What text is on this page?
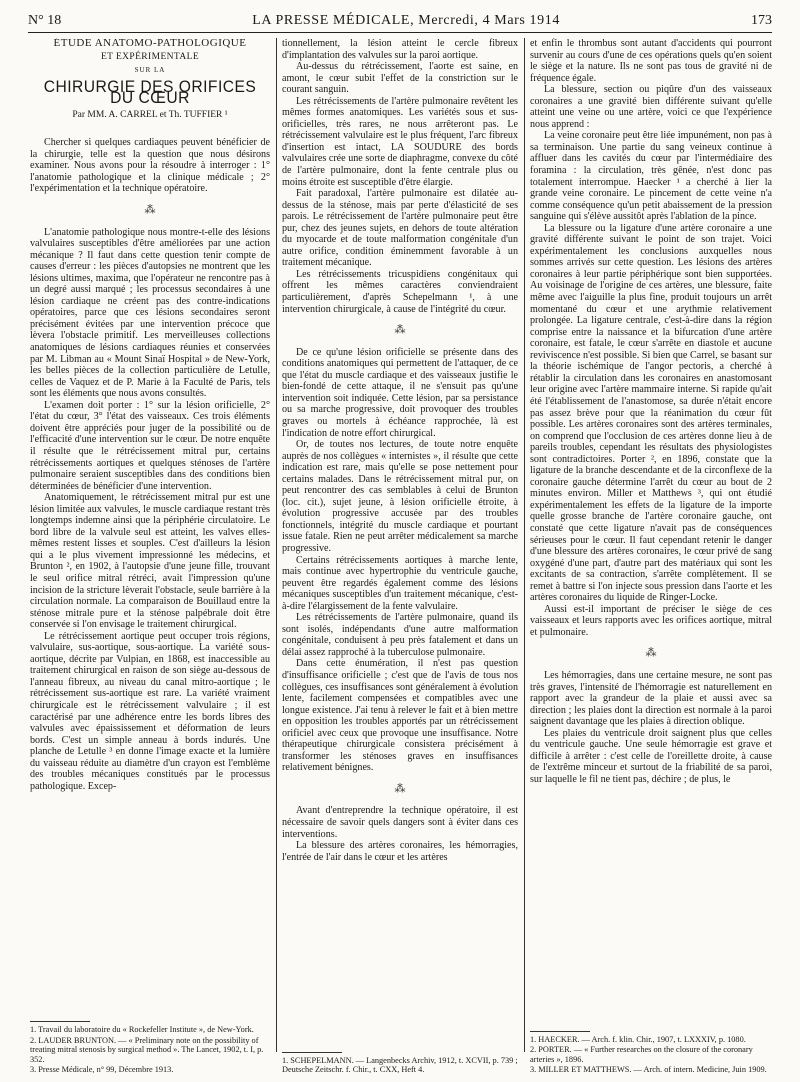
N° 18	LA PRESSE MÉDICALE, Mercredi, 4 Mars 1914	173
ÉTUDE ANATOMO-PATHOLOGIQUE
ET EXPÉRIMENTALE
SUR LA
CHIRURGIE DES ORIFICES DU CŒUR
Par MM. A. CARREL et Th. TUFFIER ¹

Chercher si quelques cardiaques peuvent bénéficier de la chirurgie, telle est la question que nous désirons examiner. Nous avons pour la résoudre à interroger : 1° l'anatomie pathologique et la clinique médicale ; 2° l'expérimentation et la technique opératoire.

⁂

L'anatomie pathologique nous montre-t-elle des lésions valvulaires susceptibles d'être améliorées par une action mécanique ? Il faut dans cette question tenir compte de causes d'erreur : les pièces d'autopsies ne montrent que les lésions ultimes, maxima, que l'opérateur ne rencontre pas à un degré aussi marqué ; les processus secondaires à une lésion cardiaque ne créent pas des contre-indications opératoires, parce que ces lésions secondaires seront précisément évitées par une intervention précoce que lèvera l'obstacle primitif. Les merveilleuses collections anatomiques de lésions cardiaques réunies et conservées par M. Libman au « Mount Sinaï Hospital » de New-York, les belles pièces de la collection particulière de Letulle, celles de Vaquez et de P. Marie à la Faculté de Paris, tels sont les éléments que nous avons consultés.

L'examen doit porter : 1° sur la lésion orificielle, 2° l'état du cœur, 3° l'état des vaisseaux. Ces trois éléments doivent être appréciés pour juger de la possibilité ou de l'efficacité d'une intervention sur le cœur. De notre enquête il résulte que le rétrécissement mitral pur, certains rétrécissements aortiques et quelques sténoses de l'artère pulmonaire seraient susceptibles dans des conditions bien déterminées de bénéficier d'une intervention.

Anatomiquement, le rétrécissement mitral pur est une lésion limitée aux valvules, le muscle cardiaque restant très longtemps indemne ainsi que la périphérie circulatoire. Le bord libre de la valvule seul est atteint, les valves elles-mêmes restent lisses et souples. C'est d'ailleurs la lésion qui a le plus vivement impressionné les médecins, et Brunton ², en 1902, à l'autopsie d'une jeune fille, trouvant le seul orifice mitral rétréci, avait l'impression qu'une incision de la stricture lèverait l'obstacle, seule barrière à la circulation normale. La comparaison de Bouillaud entre la sténose mitrale pure et la sténose palpébrale doit être conservée si l'on envisage le traitement chirurgical.

Le rétrécissement aortique peut occuper trois régions, valvulaire, sus-aortique, sous-aortique. La variété sous-aortique, décrite par Vulpian, en 1868, est inaccessible au traitement chirurgical en raison de son siège au-dessous de l'anneau fibreux, au niveau du canal mitro-aortique ; le rétrécissement sus-aortique est rare. La variété vraiment chirurgicale est le rétrécissement valvulaire ; il est caractérisé par une adhérence entre les bords libres des valvules avec épaississement et déformation de leurs bords. C'est un simple anneau à bords indurés. Une planche de Letulle ³ en donne l'image exacte et la lumière du vaisseau réduite au diamètre d'un crayon est l'emblème des troubles mécaniques constitués par le processus pathologique. Excep-

tionnellement, la lésion atteint le cercle fibreux d'implantation des valvules sur la paroi aortique.

Au-dessus du rétrécissement, l'aorte est saine, en amont, le cœur subit l'effet de la constriction sur le courant sanguin.

Les rétrécissements de l'artère pulmonaire revêtent les mêmes formes anatomiques. Les variétés sous et sus-orificielles, très rares, ne nous arrêteront pas. Le rétrécissement valvulaire est le plus fréquent, l'arc fibreux d'insertion est intact, LA SOUDURE des bords valvulaires crée une sorte de diaphragme, convexe du côté de l'artère pulmonaire, dont la fente centrale plus ou moins étroite est susceptible d'être élargie.

Fait paradoxal, l'artère pulmonaire est dilatée au-dessus de la sténose, mais par perte d'élasticité de ses parois. Le rétrécissement de l'artère pulmonaire peut être pur, chez des jeunes sujets, en dehors de toute altération du myocarde et de toute malformation congénitale d'un autre orifice, condition éminemment favorable à un traitement mécanique.

Les rétrécissements tricuspidiens congénitaux qui offrent les mêmes caractères conviendraient particulièrement, d'après Schepelmann ¹, à une intervention chirurgicale, à cause de l'intégrité du cœur.

⁂

De ce qu'une lésion orificielle se présente dans des conditions anatomiques qui permettent de l'attaquer, de ce que l'état du muscle cardiaque et des vaisseaux justifie le bien-fondé de cette attaque, il ne s'ensuit pas qu'une intervention soit indiquée. Cette lésion, par sa persistance ou sa marche progressive, doit provoquer des troubles graves ou mortels à échéance rapprochée, là est l'indication de notre effort chirurgical.

Or, de toutes nos lectures, de toute notre enquête auprès de nos collègues « internistes », il résulte que cette indication est rare, mais qu'elle se pose nettement pour certains malades. Dans le rétrécissement mitral pur, on peut rencontrer des cas semblables à celui de Brunton (loc. cit.), sujet jeune, à lésion orificielle étroite, à évolution progressive accusée par des troubles fonctionnels, intégrité du muscle cardiaque et pourtant issue fatale. Rien ne peut arrêter médicalement sa marche progressive.

Certains rétrécissements aortiques à marche lente, mais continue avec hypertrophie du ventricule gauche, peuvent être regardés également comme des lésions mécaniques susceptibles d'un traitement mécanique, c'est-à-dire l'élargissement de la fente valvulaire.

Les rétrécissements de l'artère pulmonaire, quand ils sont isolés, indépendants d'une autre malformation congénitale, conduisent à peu près fatalement et dans un délai assez rapproché à la tuberculose pulmonaire.

Dans cette énumération, il n'est pas question d'insuffisance orificielle ; c'est que de l'avis de tous nos collègues, ces insuffisances sont généralement à évolution lente, facilement compensées et compatibles avec une longue existence. J'ai tenu à relever le fait et à bien mettre en opposition les troubles apportés par un rétrécissement orificiel avec ceux que provoque une insuffisance. Notre thérapeutique chirurgicale consistera précisément à transformer les sténoses graves en insuffisances relativement bénignes.

⁂

Avant d'entreprendre la technique opératoire, il est nécessaire de savoir quels dangers sont à éviter dans ces interventions.

La blessure des artères coronaires, les hémorragies, l'entrée de l'air dans le cœur et les artères

et enfin le thrombus sont autant d'accidents qui pourront survenir au cours d'une de ces opérations quels qu'en soient le siège et la nature. Ils ne sont pas tous de gravité ni de fréquence égale.

La blessure, section ou piqûre d'un des vaisseaux coronaires a une gravité bien différente suivant qu'elle atteint une veine ou une artère, voici ce que l'expérience nous apprend :

La veine coronaire peut être liée impunément, non pas à sa terminaison. Une partie du sang veineux continue à affluer dans les cavités du cœur par l'intermédiaire des foramina : la circulation, très gênée, n'est donc pas totalement interrompue. Haecker ¹ a cherché à lier la grande veine coronaire. Le pincement de cette veine n'a comme conséquence qu'un petit abaissement de la pression sanguine qui s'élève aussitôt après l'ablation de la pince.

La blessure ou la ligature d'une artère coronaire a une gravité différente suivant le point de son trajet. Voici expérimentalement les conclusions auxquelles nous sommes arrivés sur cette question. Les lésions des artères coronaires à leur partie périphérique sont bien supportées. Au voisinage de l'origine de ces artères, une blessure, faite même avec l'aiguille la plus fine, produit toujours un arrêt momentané du cœur et une arythmie relativement prolongée. La ligature centrale, c'est-à-dire dans la région comprise entre la naissance et la bifurcation d'une artère coronaire, est fatale, le cœur s'arrête en diastole et aucune reviviscence n'est possible. Si bien que Carrel, se basant sur la théorie ischémique de l'angor pectoris, a cherché à rétablir la circulation dans les coronaires en anastomosant leur origine avec l'artère mammaire interne. Si rapide qu'ait été l'établissement de l'anastomose, sa durée n'était encore pas assez brève pour que la réanimation du cœur fût possible. Les artères coronaires sont des artères terminales, on comprend que l'occlusion de ces artères donne lieu à de pareils troubles, cependant les résultats des physiologistes sont contradictoires. Porter ², en 1896, constate que la ligature de la branche descendante et de la circonflexe de la coronaire gauche détermine l'arrêt du cœur au bout de 2 minutes environ. Miller et Matthews ³, qui ont étudié expérimentalement les effets de la ligature de la importe quelle grosse branche de l'artère coronaire gauche, ont constaté que cette ligature n'avait pas de conséquences sérieuses pour le cœur. Il faut cependant retenir le danger d'une blessure des artères coronaires, le cœur privé de sang oxygéné d'une part, d'autre part des matériaux qui sont les excitants de sa contraction, s'arrête complètement. Il se remet à battre si l'on injecte sous pression dans l'aorte et les artères coronaires du liquide de Ringer-Locke.

Aussi est-il important de préciser le siège de ces vaisseaux et leurs rapports avec les orifices aortique, mitral et pulmonaire.

⁂

Les hémorragies, dans une certaine mesure, ne sont pas très graves, l'intensité de l'hémorragie est naturellement en rapport avec la grandeur de la plaie et aussi avec sa direction ; les plaies dont la direction est normale à la paroi saignent davantage que les plaies à direction oblique.

Les plaies du ventricule droit saignent plus que celles du ventricule gauche. Une seule hémorragie est grave et difficile à arrêter : c'est celle de l'oreillette droite, à cause de l'extrême minceur et surtout de la friabilité de sa paroi, sur laquelle le fil ne tient pas, déchire ; de plus, le

1. Travail du laboratoire du « Rockefeller Institute », de New-York.

2. LAUDER BRUNTON. — « Preliminary note on the possibility of treating mitral stenosis by surgical method ». The Lancet, 1902, t. I, p. 352.

3. Presse Médicale, n° 99, Décembre 1913.

1. SCHEPELMANN. — Langenbecks Archiv, 1912, t. XCVII, p. 739 ; Deutsche Zeitschr. f. Chir., t. CXX, Heft 4.

1. HAECKER. — Arch. f. klin. Chir., 1907, t. LXXXIV, p. 1080.

2. PORTER. — « Further researches on the closure of the coronary arteries », 1896.

3. MILLER ET MATTHEWS. — Arch. of intern. Medicine, Juin 1909.
